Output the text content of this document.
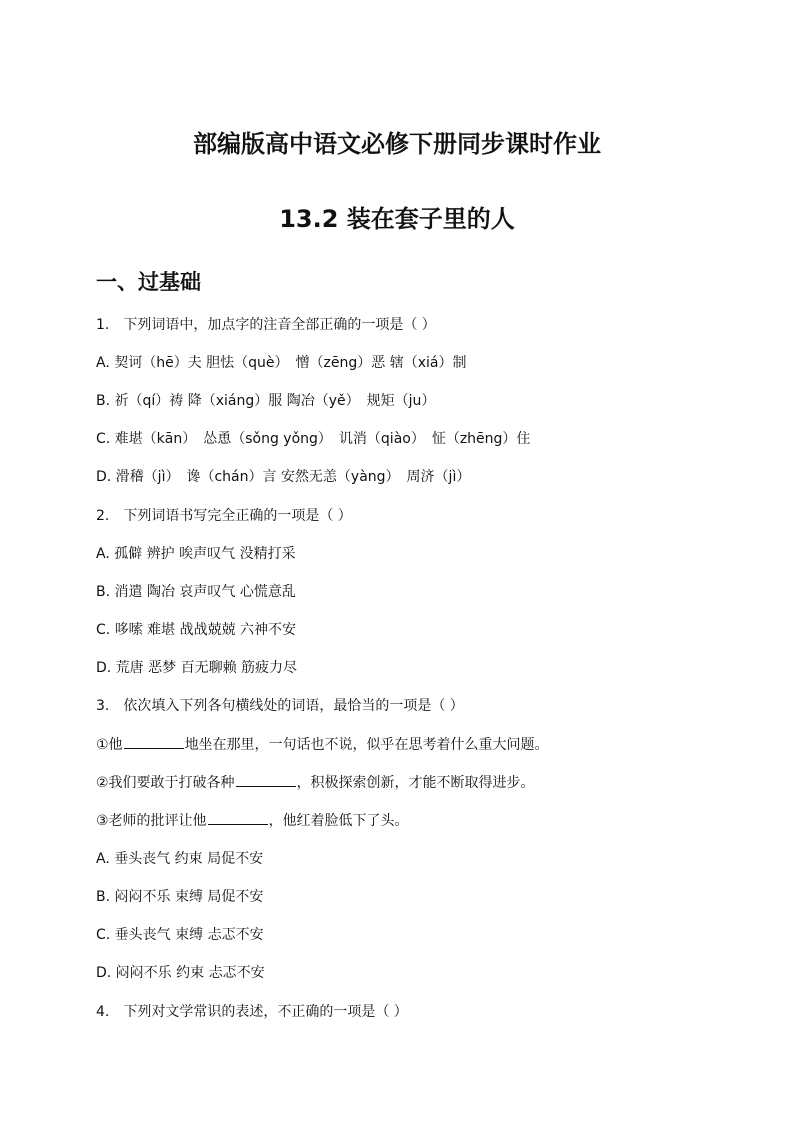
部编版高中语文必修下册同步课时作业
13.2 装在套子里的人
一、过基础
1.　下列词语中，加点字的注音全部正确的一项是（ ）
A. 契诃（hē）夫 胆怯（què）　憎（zēng）恶 辖（xiá）制
B. 祈（qí）祷 降（xiáng）服 陶冶（yě）　规矩（ju）
C. 难堪（kān）　怂恿（sǒng yǒng）　讥消（qiào）　怔（zhēng）住
D. 滑稽（jì）　谗（chán）言 安然无恙（yàng）　周济（jì）
2.　下列词语书写完全正确的一项是（ ）
A. 孤僻 辨护 唉声叹气 没精打采
B. 消遣 陶冶 哀声叹气 心慌意乱
C. 哆嗦 难堪 战战兢兢 六神不安
D. 荒唐 恶梦 百无聊赖 筋疲力尽
3.　依次填入下列各句横线处的词语，最恰当的一项是（ ）
①他	地坐在那里，一句话也不说，似乎在思考着什么重大问题。
②我们要敢于打破各种	，积极探索创新，才能不断取得进步。
③老师的批评让他	，他红着脸低下了头。
A. 垂头丧气 约束 局促不安
B. 闷闷不乐 束缚 局促不安
C. 垂头丧气 束缚 忐忑不安
D. 闷闷不乐 约束 忐忑不安
4.　下列对文学常识的表述，不正确的一项是（ ）
